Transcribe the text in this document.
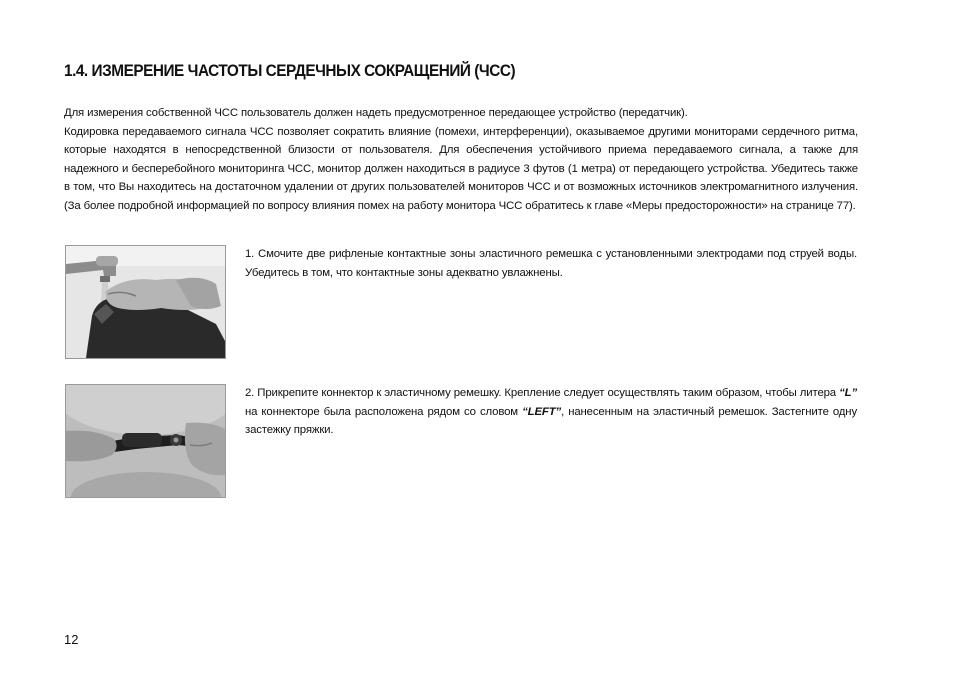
1.4. ИЗМЕРЕНИЕ ЧАСТОТЫ СЕРДЕЧНЫХ СОКРАЩЕНИЙ (ЧСС)

Для измерения собственной ЧСС пользователь должен надеть предусмотренное передающее устройство (передатчик).

Кодировка передаваемого сигнала ЧСС позволяет сократить влияние (помехи, интерференции), оказываемое другими мониторами сердечного ритма, которые находятся в непосредственной близости от пользователя. Для обеспечения устойчивого приема передаваемого сигнала, а также для надежного и бесперебойного мониторинга ЧСС, монитор должен находиться в радиусе 3 футов (1 метра) от передающего устройства. Убедитесь также в том, что Вы находитесь на достаточном удалении от других пользователей мониторов ЧСС и от возможных источников электромагнитного излучения. (За более подробной информацией по вопросу влияния помех на работу монитора ЧСС обратитесь к главе «Меры предосторожности» на странице 77).

1. Смочите две рифленые контактные зоны эластичного ремешка с установленными электродами под струей воды. Убедитесь в том, что контактные зоны адекватно увлажнены.
2. Прикрепите коннектор к эластичному ремешку. Крепление следует осуществлять таким образом, чтобы литера “L” на коннекторе была расположена рядом со словом “LEFT”, нанесенным на эластичный ремешок. Застегните одну застежку пряжки.
12
